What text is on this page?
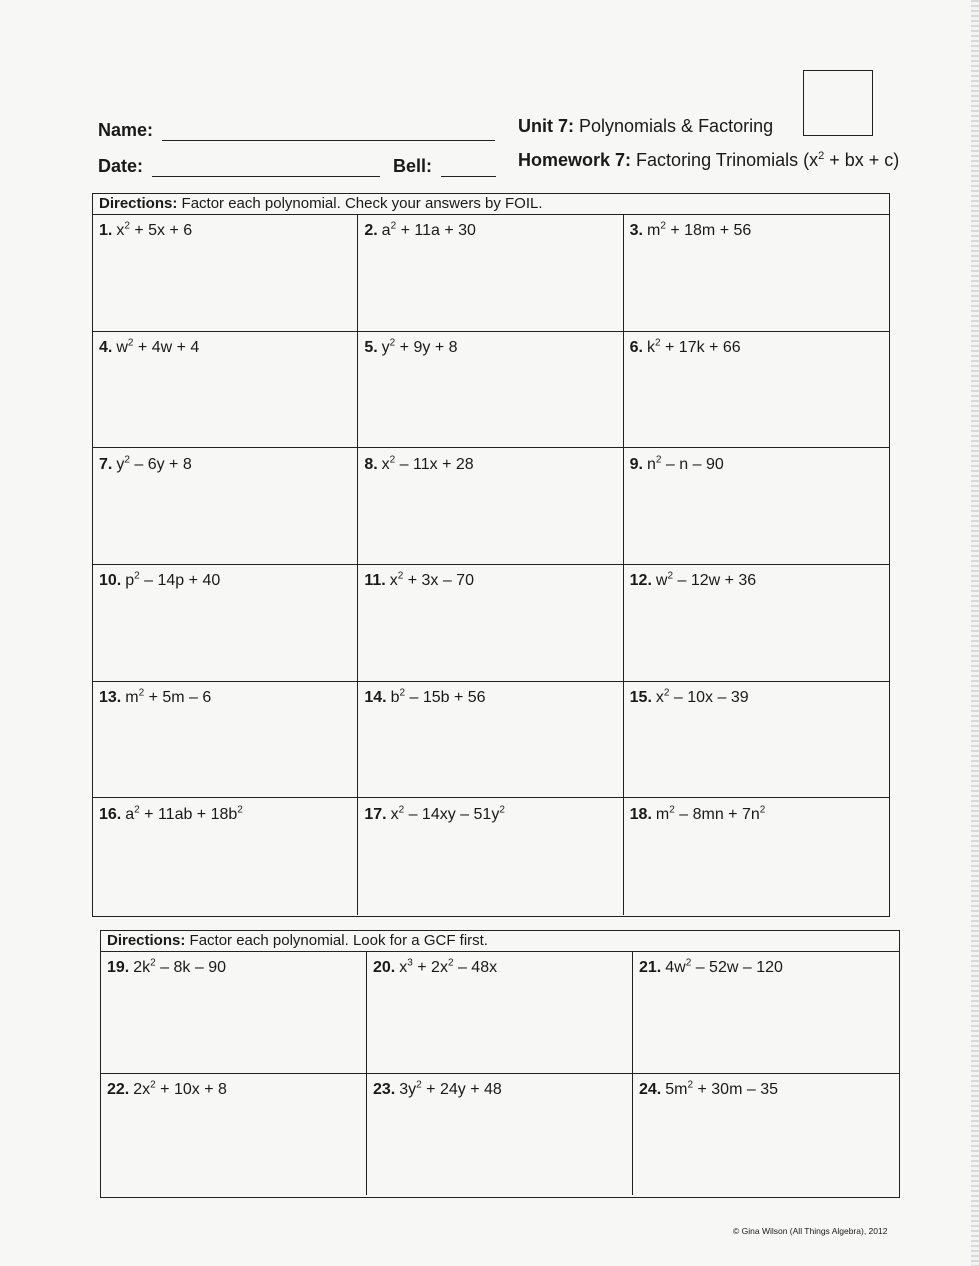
Name:
Date:	Bell:
Unit 7: Polynomials & Factoring
Homework 7: Factoring Trinomials ($x^2$ + bx + c)
Directions: Factor each polynomial. Check your answers by FOIL.
1. $x^2 + 5x + 6$	2. $a^2 + 11a + 30$	3. $m^2 + 18m + 56$
4. $w^2 + 4w + 4$	5. $y^2 + 9y + 8$	6. $k^2 + 17k + 66$
7. $y^2 - 6y + 8$	8. $x^2 - 11x + 28$	9. $n^2$ – n – 90
10. $p^2 - 14p + 40$	11. $x^2 + 3x - 70$	12. $w^2 - 12w + 36$
13. $m^2 + 5m - 6$	14. $b^2 - 15b + 56$	15. $x^2 - 10x - 39$
16. $a^2 + 11ab + 18b^2$	17. $x^2 - 14xy - 51y^2$	18. $m^2 - 8mn + 7n^2$
Directions: Factor each polynomial. Look for a GCF first.
19. $2k^2 - 8k - 90$	20. $x^3 + 2x^2 - 48x$	21. $4w^2 - 52w - 120$
22. $2x^2 + 10x + 8$	23. $3y^2 + 24y + 48$	24. $5m^2 + 30m - 35$
© Gina Wilson (All Things Algebra), 2012
